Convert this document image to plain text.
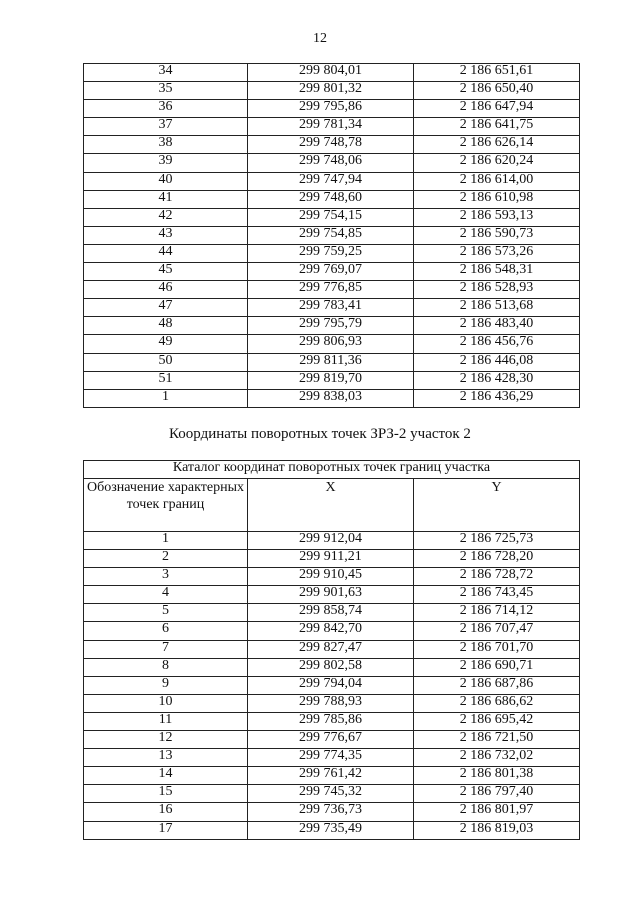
12
34	299 804,01	2 186 651,61
35	299 801,32	2 186 650,40
36	299 795,86	2 186 647,94
37	299 781,34	2 186 641,75
38	299 748,78	2 186 626,14
39	299 748,06	2 186 620,24
40	299 747,94	2 186 614,00
41	299 748,60	2 186 610,98
42	299 754,15	2 186 593,13
43	299 754,85	2 186 590,73
44	299 759,25	2 186 573,26
45	299 769,07	2 186 548,31
46	299 776,85	2 186 528,93
47	299 783,41	2 186 513,68
48	299 795,79	2 186 483,40
49	299 806,93	2 186 456,76
50	299 811,36	2 186 446,08
51	299 819,70	2 186 428,30
1	299 838,03	2 186 436,29
Координаты поворотных точек ЗРЗ-2 участок 2
Каталог координат поворотных точек границ участка		
Обозначение характерных точек границ	X	Y
1	299 912,04	2 186 725,73
2	299 911,21	2 186 728,20
3	299 910,45	2 186 728,72
4	299 901,63	2 186 743,45
5	299 858,74	2 186 714,12
6	299 842,70	2 186 707,47
7	299 827,47	2 186 701,70
8	299 802,58	2 186 690,71
9	299 794,04	2 186 687,86
10	299 788,93	2 186 686,62
11	299 785,86	2 186 695,42
12	299 776,67	2 186 721,50
13	299 774,35	2 186 732,02
14	299 761,42	2 186 801,38
15	299 745,32	2 186 797,40
16	299 736,73	2 186 801,97
17	299 735,49	2 186 819,03
